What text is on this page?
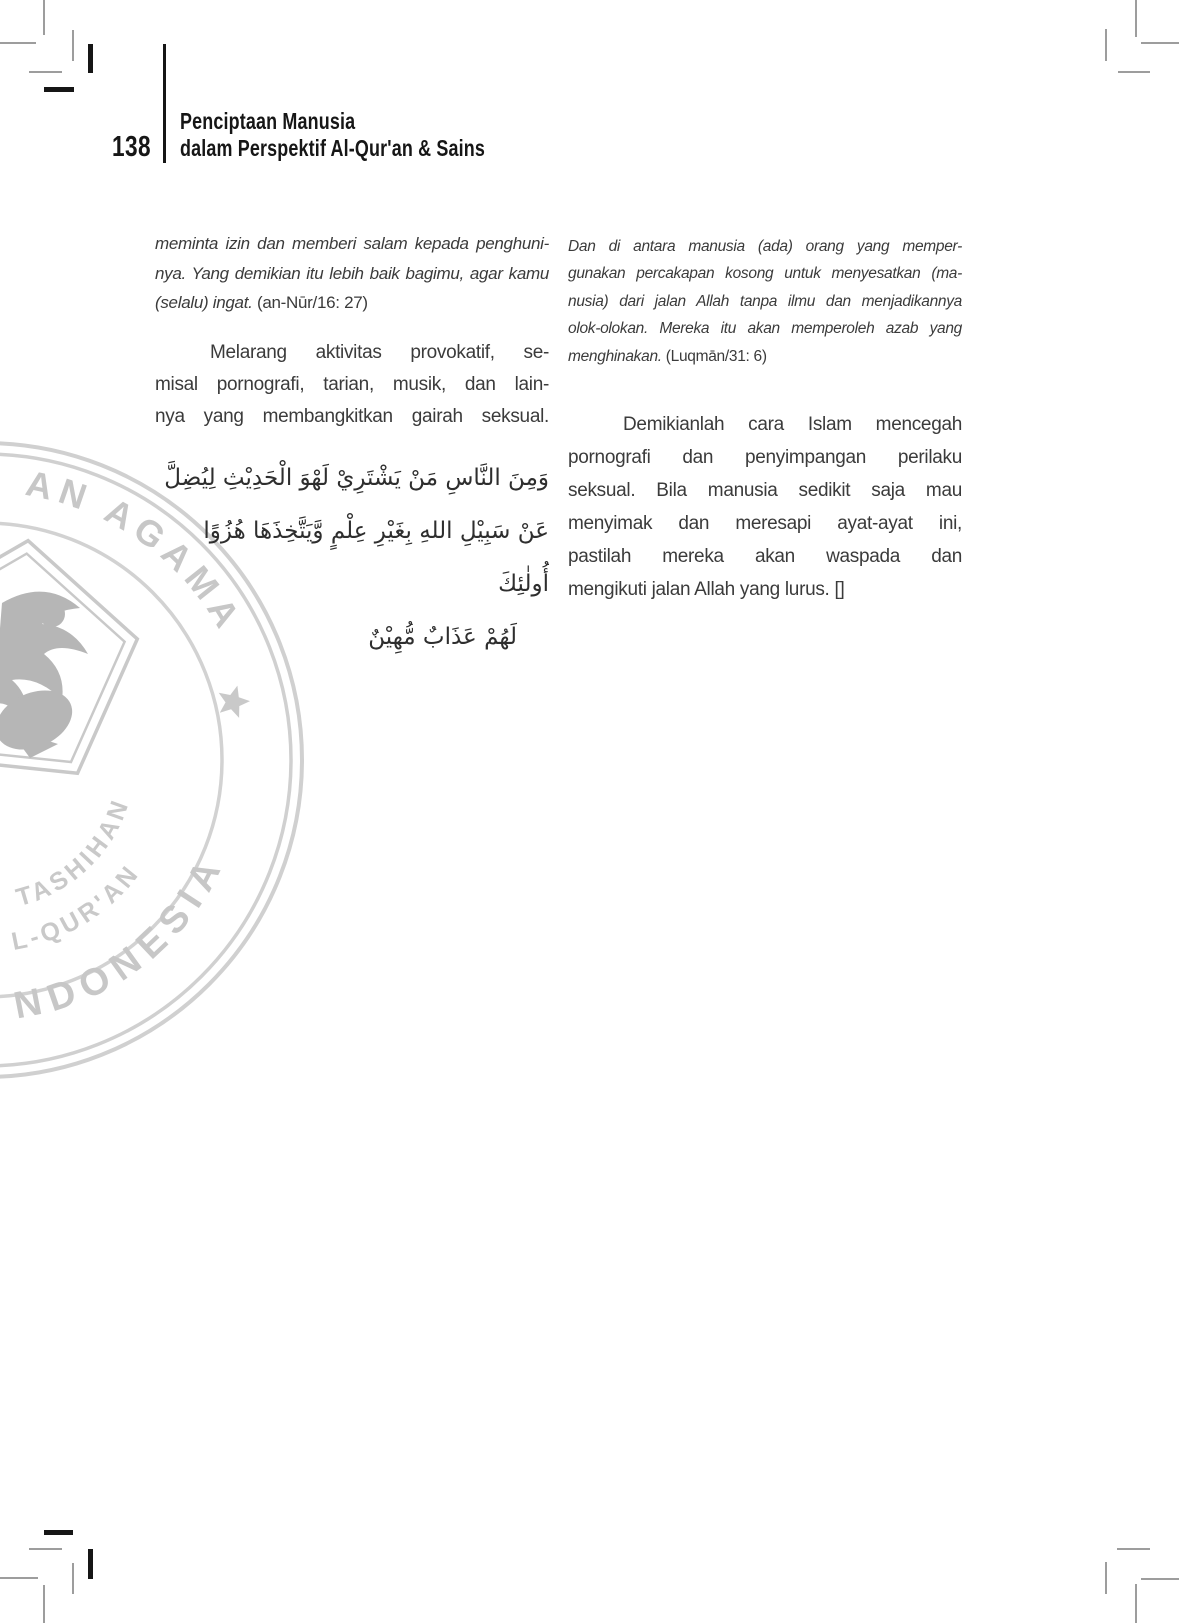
AN AGAMA
NDONESIA
TASHIHAN
L-QUR'AN
138
Penciptaan Manusia
dalam Perspektif Al-Qur'an & Sains
meminta izin dan memberi salam kepada penghuni-
nya. Yang demikian itu lebih baik bagimu, agar kamu
(selalu) ingat. (an-Nūr/16: 27)
Melarang aktivitas provokatif, se-
misal pornografi, tarian, musik, dan lain-
nya yang membangkitkan gairah seksual.
وَمِنَ النَّاسِ مَنْ يَشْتَرِيْ لَهْوَ الْحَدِيْثِ لِيُضِلَّ
عَنْ سَبِيْلِ اللهِ بِغَيْرِ عِلْمٍ وَّيَتَّخِذَهَا هُزُوًا أُولٰئِكَ
لَهُمْ عَذَابٌ مُّهِيْنٌ
Dan di antara manusia (ada) orang yang memper-
gunakan percakapan kosong untuk menyesatkan (ma-
nusia) dari jalan Allah tanpa ilmu dan menjadikannya
olok-olokan. Mereka itu akan memperoleh azab yang
menghinakan. (Luqmān/31: 6)
Demikianlah cara Islam mencegah
pornografi dan penyimpangan perilaku
seksual. Bila manusia sedikit saja mau
menyimak dan meresapi ayat-ayat ini,
pastilah mereka akan waspada dan
mengikuti jalan Allah yang lurus. []
